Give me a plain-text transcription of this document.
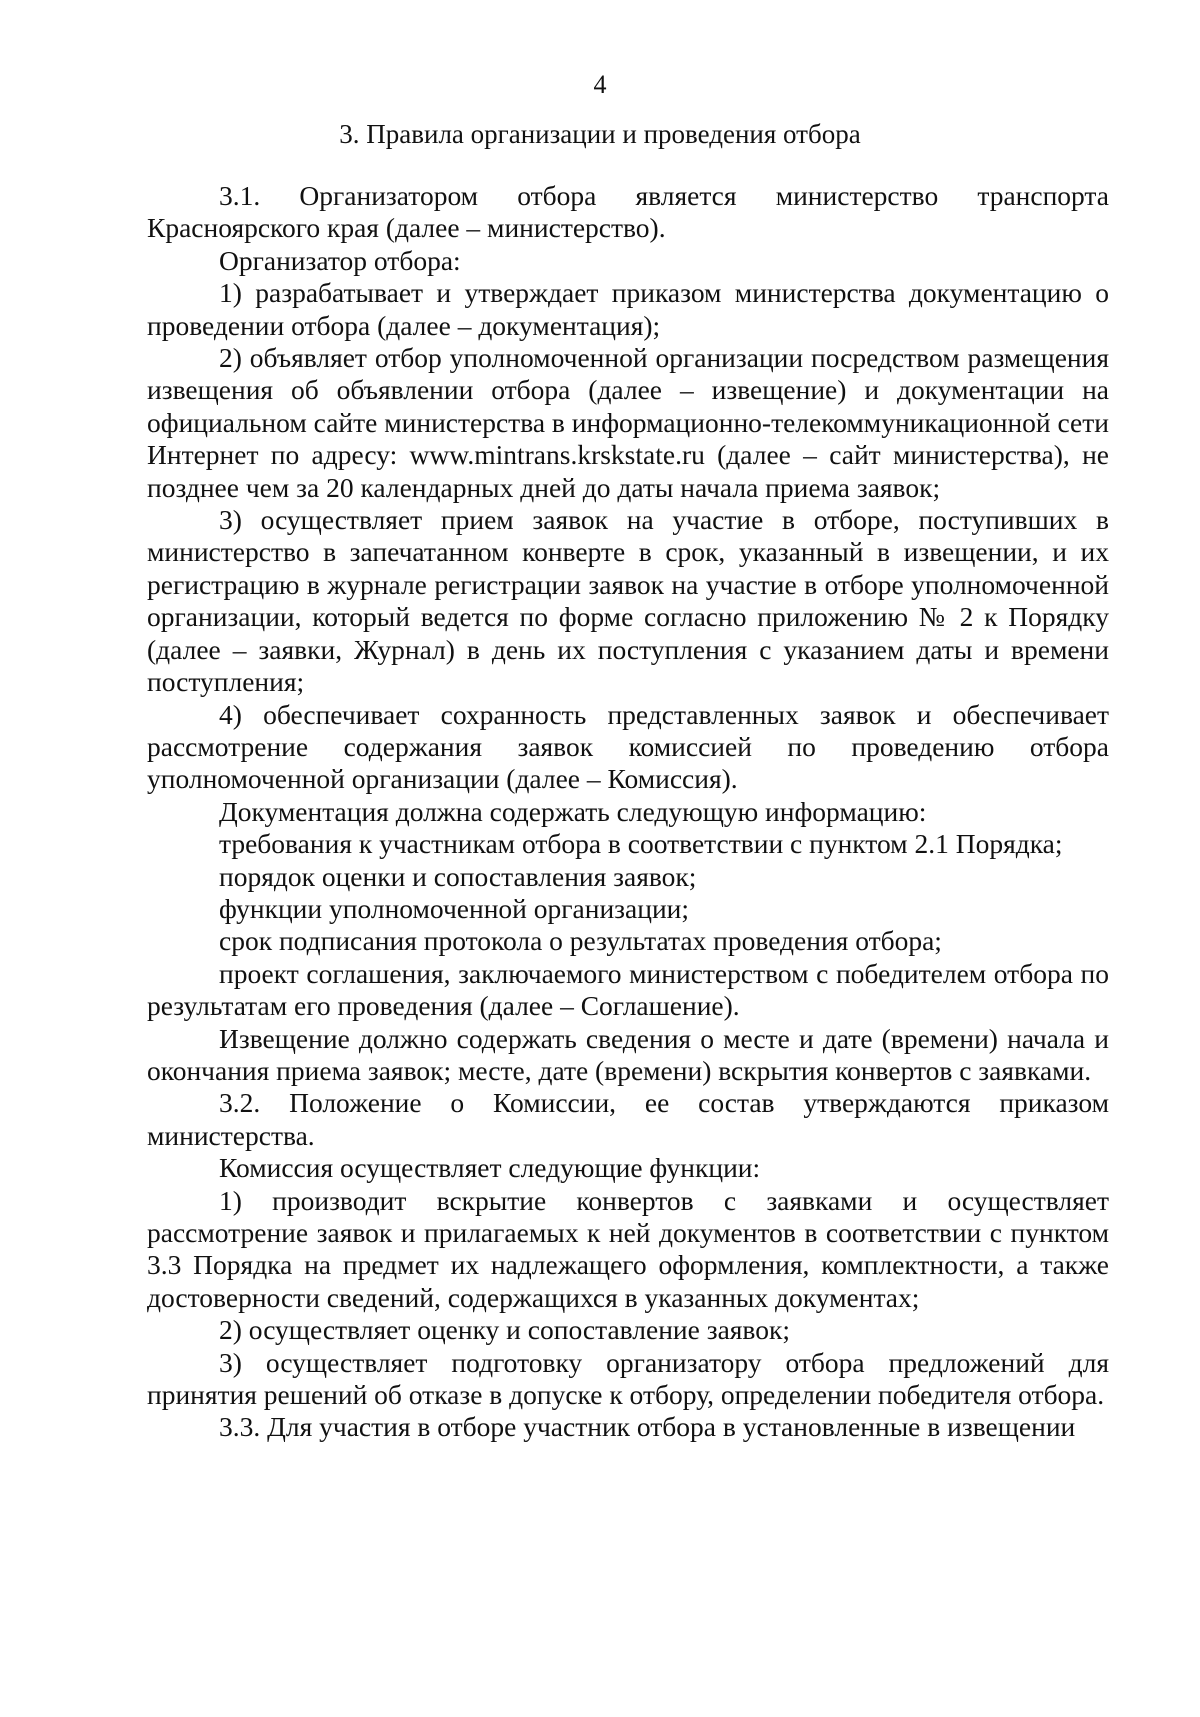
4
3. Правила организации и проведения отбора

3.1. Организатором отбора является министерство транспорта Красноярского края (далее – министерство).

Организатор отбора:

1) разрабатывает и утверждает приказом министерства документацию о проведении отбора (далее – документация);

2) объявляет отбор уполномоченной организации посредством размещения извещения об объявлении отбора (далее – извещение) и документации на официальном сайте министерства в информационно-телекоммуникационной сети Интернет по адресу: www.mintrans.krskstate.ru (далее – сайт министерства), не позднее чем за 20 календарных дней до даты начала приема заявок;

3) осуществляет прием заявок на участие в отборе, поступивших в министерство в запечатанном конверте в срок, указанный в извещении, и их регистрацию в журнале регистрации заявок на участие в отборе уполномоченной организации, который ведется по форме согласно приложению № 2 к Порядку (далее – заявки, Журнал) в день их поступления с указанием даты и времени поступления;

4) обеспечивает сохранность представленных заявок и обеспечивает рассмотрение содержания заявок комиссией по проведению отбора уполномоченной организации (далее – Комиссия).

Документация должна содержать следующую информацию:

требования к участникам отбора в соответствии с пунктом 2.1 Порядка;

порядок оценки и сопоставления заявок;

функции уполномоченной организации;

срок подписания протокола о результатах проведения отбора;

проект соглашения, заключаемого министерством с победителем отбора по результатам его проведения (далее – Соглашение).

Извещение должно содержать сведения о месте и дате (времени) начала и окончания приема заявок; месте, дате (времени) вскрытия конвертов с заявками.

3.2. Положение о Комиссии, ее состав утверждаются приказом министерства.

Комиссия осуществляет следующие функции:

1) производит вскрытие конвертов с заявками и осуществляет рассмотрение заявок и прилагаемых к ней документов в соответствии с пунктом 3.3 Порядка на предмет их надлежащего оформления, комплектности, а также достоверности сведений, содержащихся в указанных документах;

2) осуществляет оценку и сопоставление заявок;

3) осуществляет подготовку организатору отбора предложений для принятия решений об отказе в допуске к отбору, определении победителя отбора.

3.3. Для участия в отборе участник отбора в установленные в извещении
